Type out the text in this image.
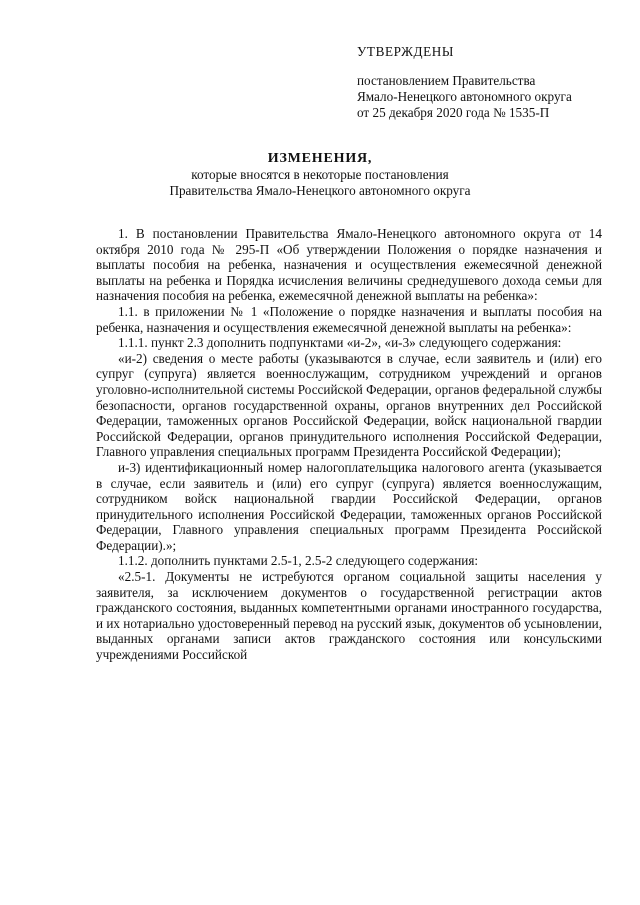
УТВЕРЖДЕНЫ
постановлением Правительства
Ямало-Ненецкого автономного округа
от 25 декабря 2020 года № 1535-П
ИЗМЕНЕНИЯ,
которые вносятся в некоторые постановления
Правительства Ямало-Ненецкого автономного округа

1. В постановлении Правительства Ямало-Ненецкого автономного округа от 14 октября 2010 года № 295-П «Об утверждении Положения о порядке назначения и выплаты пособия на ребенка, назначения и осуществления ежемесячной денежной выплаты на ребенка и Порядка исчисления величины среднедушевого дохода семьи для назначения пособия на ребенка, ежемесячной денежной выплаты на ребенка»:

1.1. в приложении № 1 «Положение о порядке назначения и выплаты пособия на ребенка, назначения и осуществления ежемесячной денежной выплаты на ребенка»:

1.1.1. пункт 2.3 дополнить подпунктами «и-2», «и-3» следующего содержания:

«и-2) сведения о месте работы (указываются в случае, если заявитель и (или) его супруг (супруга) является военнослужащим, сотрудником учреждений и органов уголовно-исполнительной системы Российской Федерации, органов федеральной службы безопасности, органов государственной охраны, органов внутренних дел Российской Федерации, таможенных органов Российской Федерации, войск национальной гвардии Российской Федерации, органов принудительного исполнения Российской Федерации, Главного управления специальных программ Президента Российской Федерации);

и-3) идентификационный номер налогоплательщика налогового агента (указывается в случае, если заявитель и (или) его супруг (супруга) является военнослужащим, сотрудником войск национальной гвардии Российской Федерации, органов принудительного исполнения Российской Федерации, таможенных органов Российской Федерации, Главного управления специальных программ Президента Российской Федерации).»;

1.1.2. дополнить пунктами 2.5-1, 2.5-2 следующего содержания:

«2.5-1. Документы не истребуются органом социальной защиты населения у заявителя, за исключением документов о государственной регистрации актов гражданского состояния, выданных компетентными органами иностранного государства, и их нотариально удостоверенный перевод на русский язык, документов об усыновлении, выданных органами записи актов гражданского состояния или консульскими учреждениями Российской
